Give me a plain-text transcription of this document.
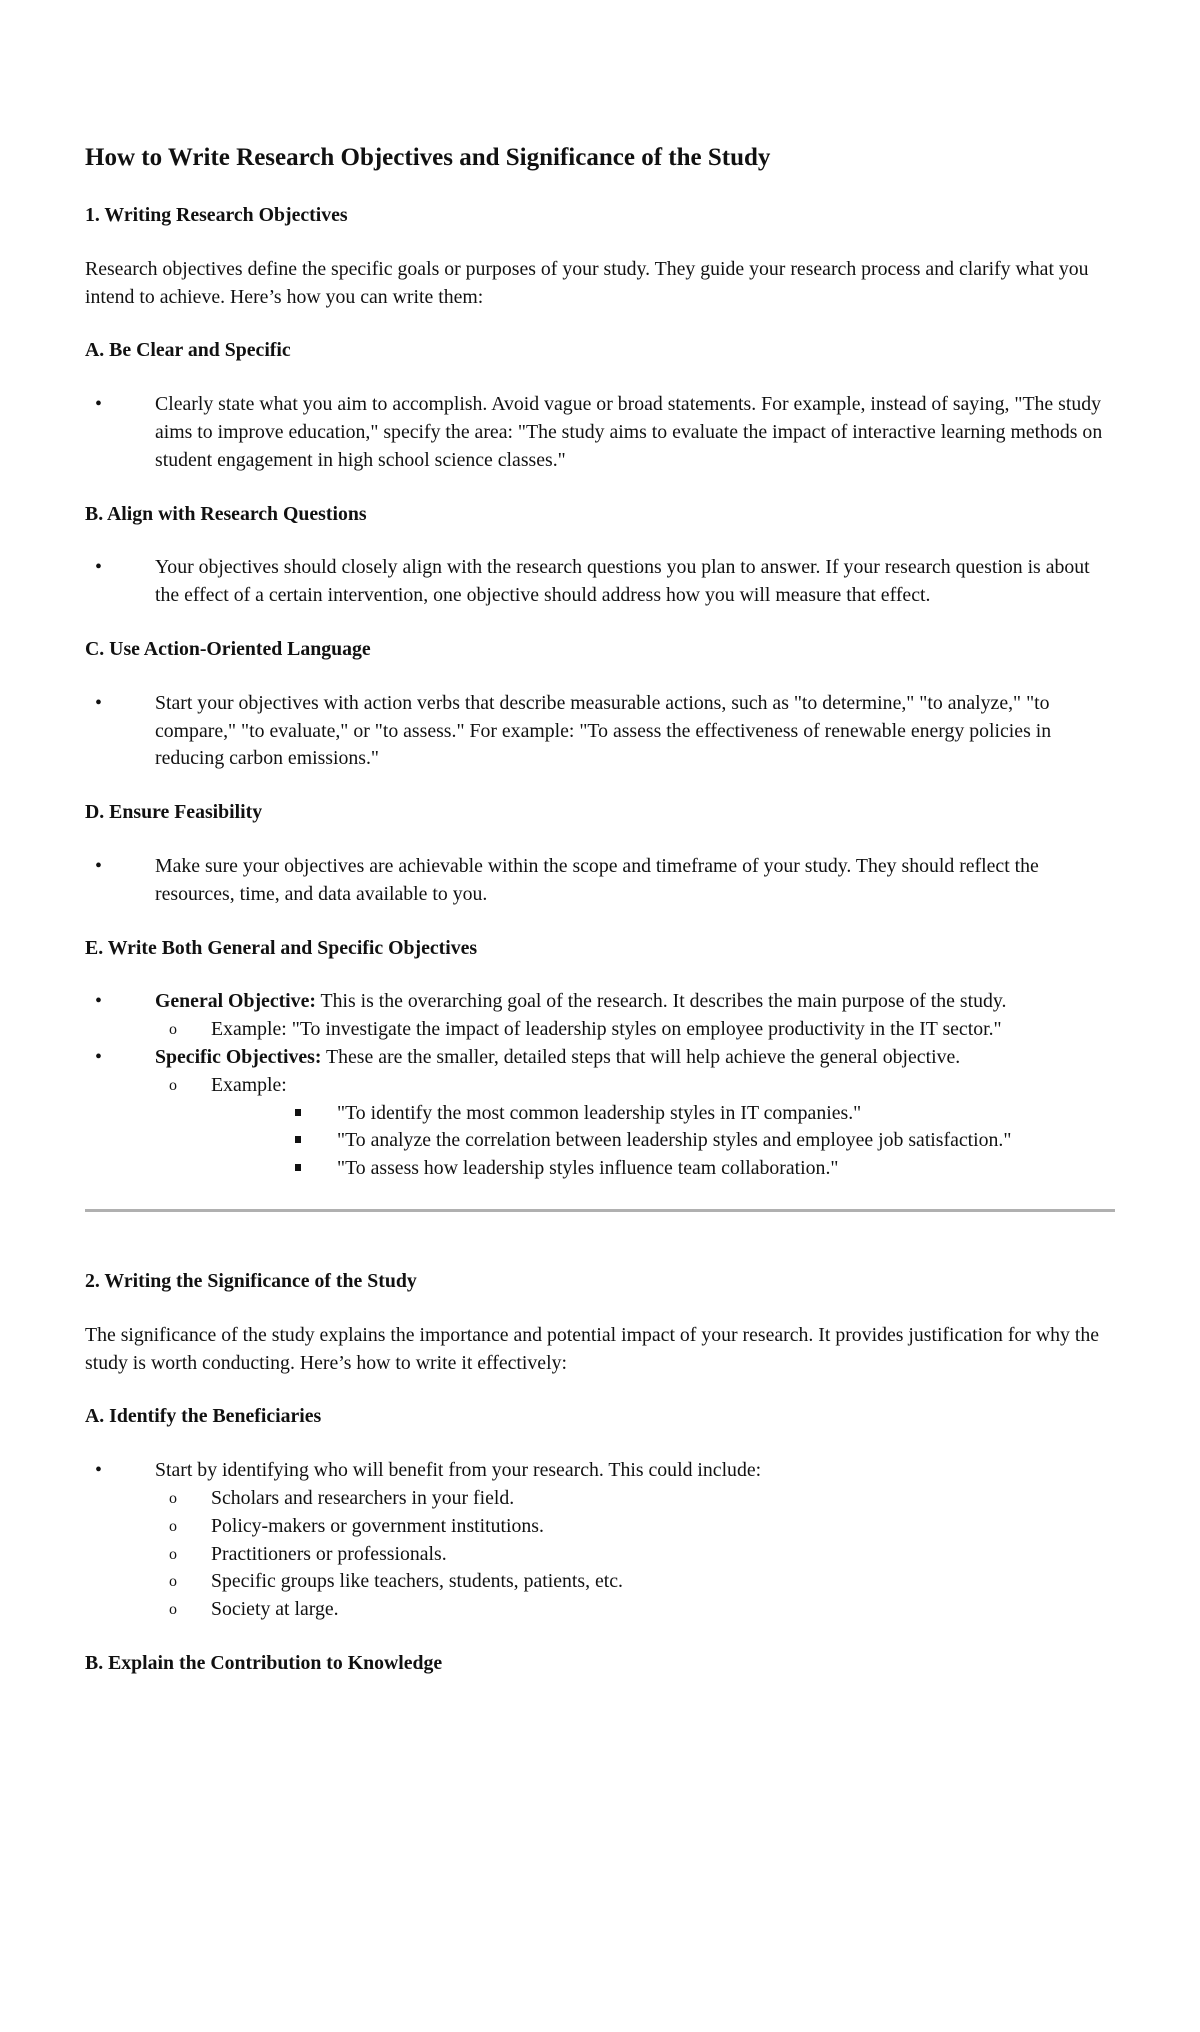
How to Write Research Objectives and Significance of the Study
1. Writing Research Objectives

Research objectives define the specific goals or purposes of your study. They guide your research process and clarify what you intend to achieve. Here’s how you can write them:

A. Be Clear and Specific
•	Clearly state what you aim to accomplish. Avoid vague or broad statements. For example, instead of saying, "The study aims to improve education," specify the area: "The study aims to evaluate the impact of interactive learning methods on student engagement in high school science classes."
B. Align with Research Questions
•	Your objectives should closely align with the research questions you plan to answer. If your research question is about the effect of a certain intervention, one objective should address how you will measure that effect.
C. Use Action-Oriented Language
•	Start your objectives with action verbs that describe measurable actions, such as "to determine," "to analyze," "to compare," "to evaluate," or "to assess." For example: "To assess the effectiveness of renewable energy policies in reducing carbon emissions."
D. Ensure Feasibility
•	Make sure your objectives are achievable within the scope and timeframe of your study. They should reflect the resources, time, and data available to you.
E. Write Both General and Specific Objectives
•	General Objective: This is the overarching goal of the research. It describes the main purpose of the study.
o Example: "To investigate the impact of leadership styles on employee productivity in the IT sector."
•	Specific Objectives: These are the smaller, detailed steps that will help achieve the general objective.
o Example:
"To identify the most common leadership styles in IT companies."
"To analyze the correlation between leadership styles and employee job satisfaction."
"To assess how leadership styles influence team collaboration."
2. Writing the Significance of the Study

The significance of the study explains the importance and potential impact of your research. It provides justification for why the study is worth conducting. Here’s how to write it effectively:

A. Identify the Beneficiaries
•	Start by identifying who will benefit from your research. This could include:
o Scholars and researchers in your field.
o Policy-makers or government institutions.
o Practitioners or professionals.
o Specific groups like teachers, students, patients, etc.
o Society at large.
B. Explain the Contribution to Knowledge
